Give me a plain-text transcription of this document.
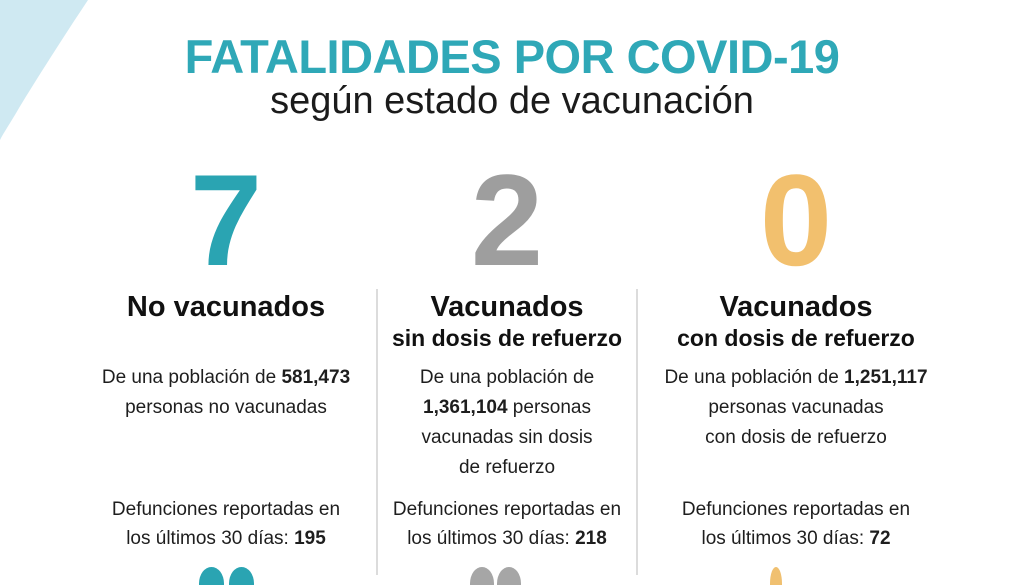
FATALIDADES POR COVID-19
según estado de vacunación
7
No vacunados
De una población de 581,473
personas no vacunadas
Defunciones reportadas en
los últimos 30 días: 195
2
Vacunados
sin dosis de refuerzo
De una población de
1,361,104 personas
vacunadas sin dosis
de refuerzo
Defunciones reportadas en
los últimos 30 días: 218
0
Vacunados
con dosis de refuerzo
De una población de 1,251,117
personas vacunadas
con dosis de refuerzo
Defunciones reportadas en
los últimos 30 días: 72
